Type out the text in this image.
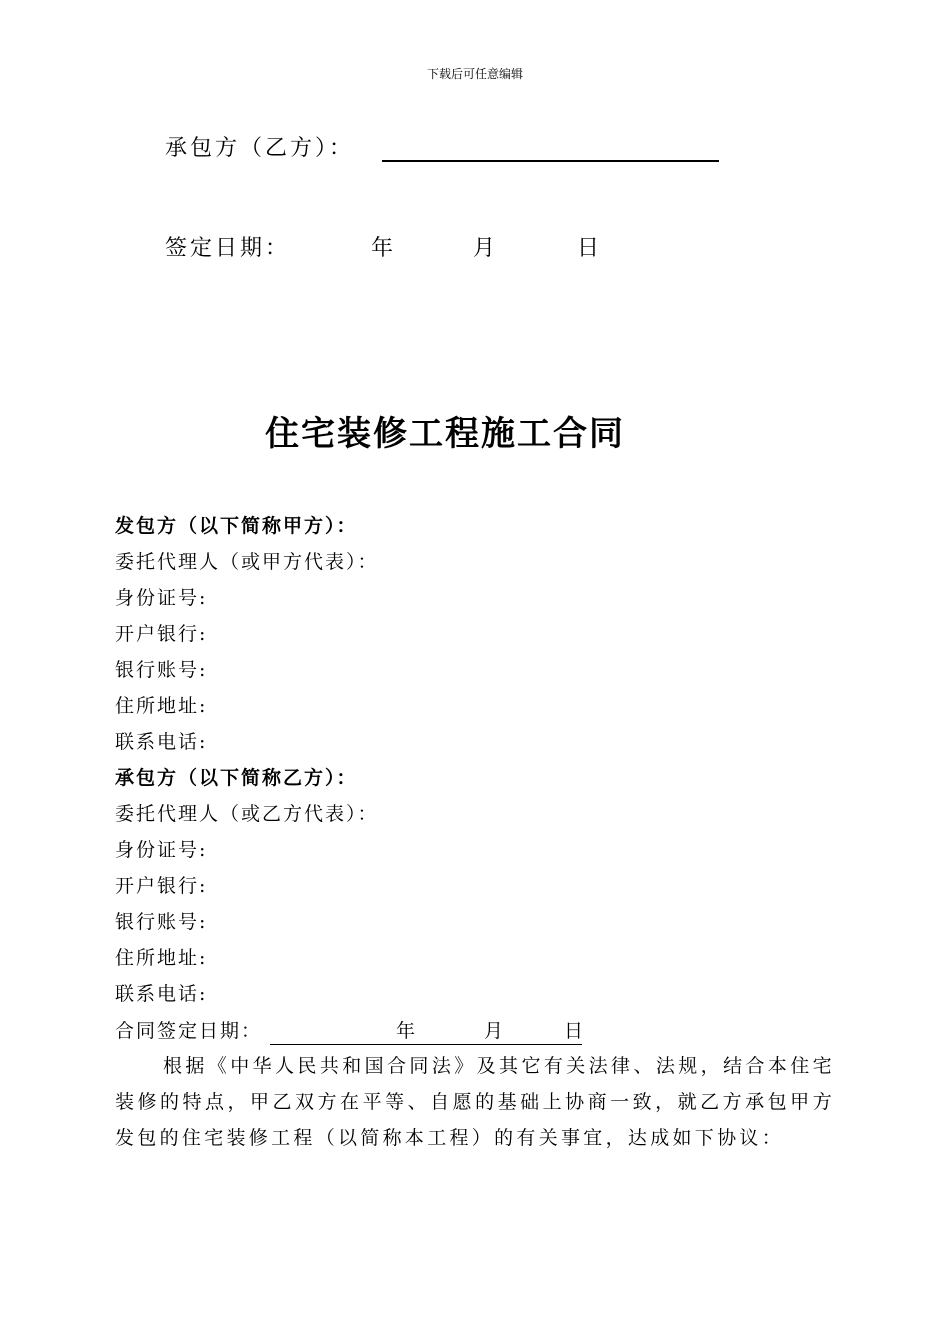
下载后可任意编辑
承包方（乙方）：
签定日期：	年	月	日
住宅装修工程施工合同
发包方（以下简称甲方）：
委托代理人（或甲方代表）：
身份证号:
开户银行:
银行账号:
住所地址:
联系电话:
承包方（以下简称乙方）：
委托代理人（或乙方代表）：
身份证号:
开户银行:
银行账号:
住所地址:
联系电话:
合同签定日期：	年	月	日
根据《中华人民共和国合同法》及其它有关法律、法规，结合本住宅装修的特点，甲乙双方在平等、自愿的基础上协商一致，就乙方承包甲方发包的住宅装修工程（以简称本工程）的有关事宜，达成如下协议：
